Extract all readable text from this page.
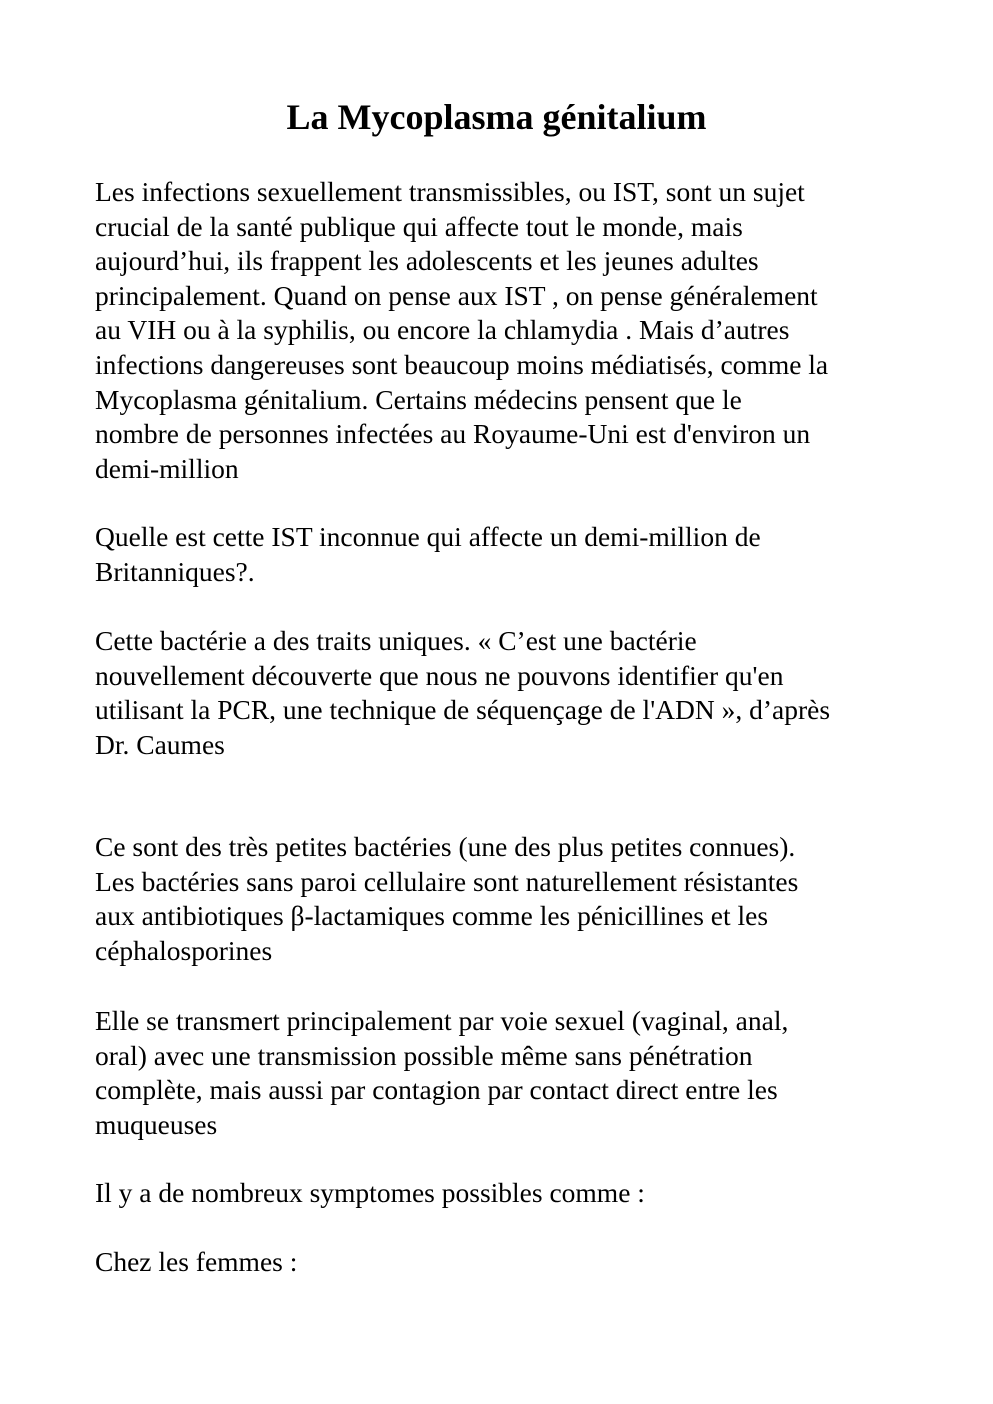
La Mycoplasma génitalium

Les infections sexuellement transmissibles, ou IST, sont un sujet
crucial de la santé publique qui affecte tout le monde, mais
aujourd’hui, ils frappent les adolescents et les jeunes adultes
principalement. Quand on pense aux IST , on pense généralement
au VIH ou à la syphilis, ou encore la chlamydia . Mais d’autres
infections dangereuses sont beaucoup moins médiatisés, comme la
Mycoplasma génitalium. Certains médecins pensent que le
nombre de personnes infectées au Royaume-Uni est d'environ un
demi-million

Quelle est cette IST inconnue qui affecte un demi-million de
Britanniques?.

Cette bactérie a des traits uniques. « C’est une bactérie
nouvellement découverte que nous ne pouvons identifier qu'en
utilisant la PCR, une technique de séquençage de l'ADN », d’après
Dr. Caumes

Ce sont des très petites bactéries (une des plus petites connues).
Les bactéries sans paroi cellulaire sont naturellement résistantes
aux antibiotiques β-lactamiques comme les pénicillines et les
céphalosporines

Elle se transmert principalement par voie sexuel (vaginal, anal,
oral) avec une transmission possible même sans pénétration
complète, mais aussi par contagion par contact direct entre les
muqueuses

Il y a de nombreux symptomes possibles comme :

Chez les femmes :
